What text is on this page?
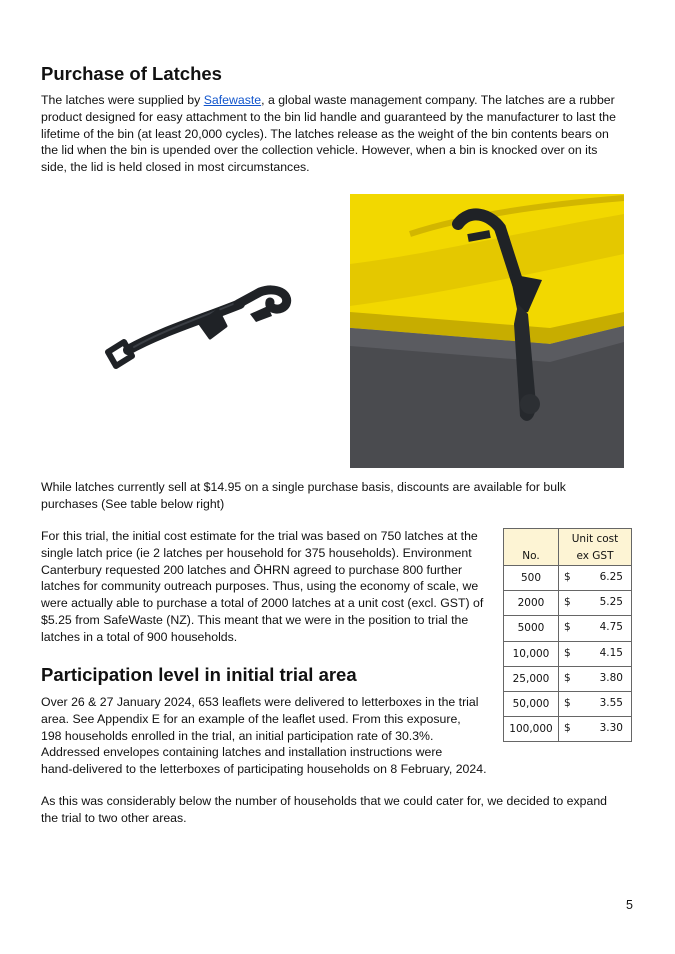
Purchase of Latches
The latches were supplied by Safewaste, a global waste management company. The latches are a rubber
product designed for easy attachment to the bin lid handle and guaranteed by the manufacturer to last the
lifetime of the bin (at least 20,000 cycles). The latches release as the weight of the bin contents bears on
the lid when the bin is upended over the collection vehicle. However, when a bin is knocked over on its
side, the lid is held closed in most circumstances.
While latches currently sell at $14.95 on a single purchase basis, discounts are available for bulk
purchases (See table below right)
For this trial, the initial cost estimate for the trial was based on 750 latches at the
single latch price (ie 2 latches per household for 375 households). Environment
Canterbury requested 200 latches and ŌHRN agreed to purchase 800 further
latches for community outreach purposes. Thus, using the economy of scale, we
were actually able to purchase a total of 2000 latches at a unit cost (excl. GST) of
$5.25 from SafeWaste (NZ). This meant that we were in the position to trial the
latches in a total of 900 households.
No.	Unit cost
ex GST

500	$ 6.25

2000	$ 5.25

5000	$ 4.75

10,000	$ 4.15

25,000	$ 3.80

50,000	$ 3.55

100,000	$ 3.30
Participation level in initial trial area
Over 26 & 27 January 2024, 653 leaflets were delivered to letterboxes in the trial
area. See Appendix E for an example of the leaflet used. From this exposure,
198 households enrolled in the trial, an initial participation rate of 30.3%.
Addressed envelopes containing latches and installation instructions were
hand-delivered to the letterboxes of participating households on 8 February, 2024.
As this was considerably below the number of households that we could cater for, we decided to expand
the trial to two other areas.
5
